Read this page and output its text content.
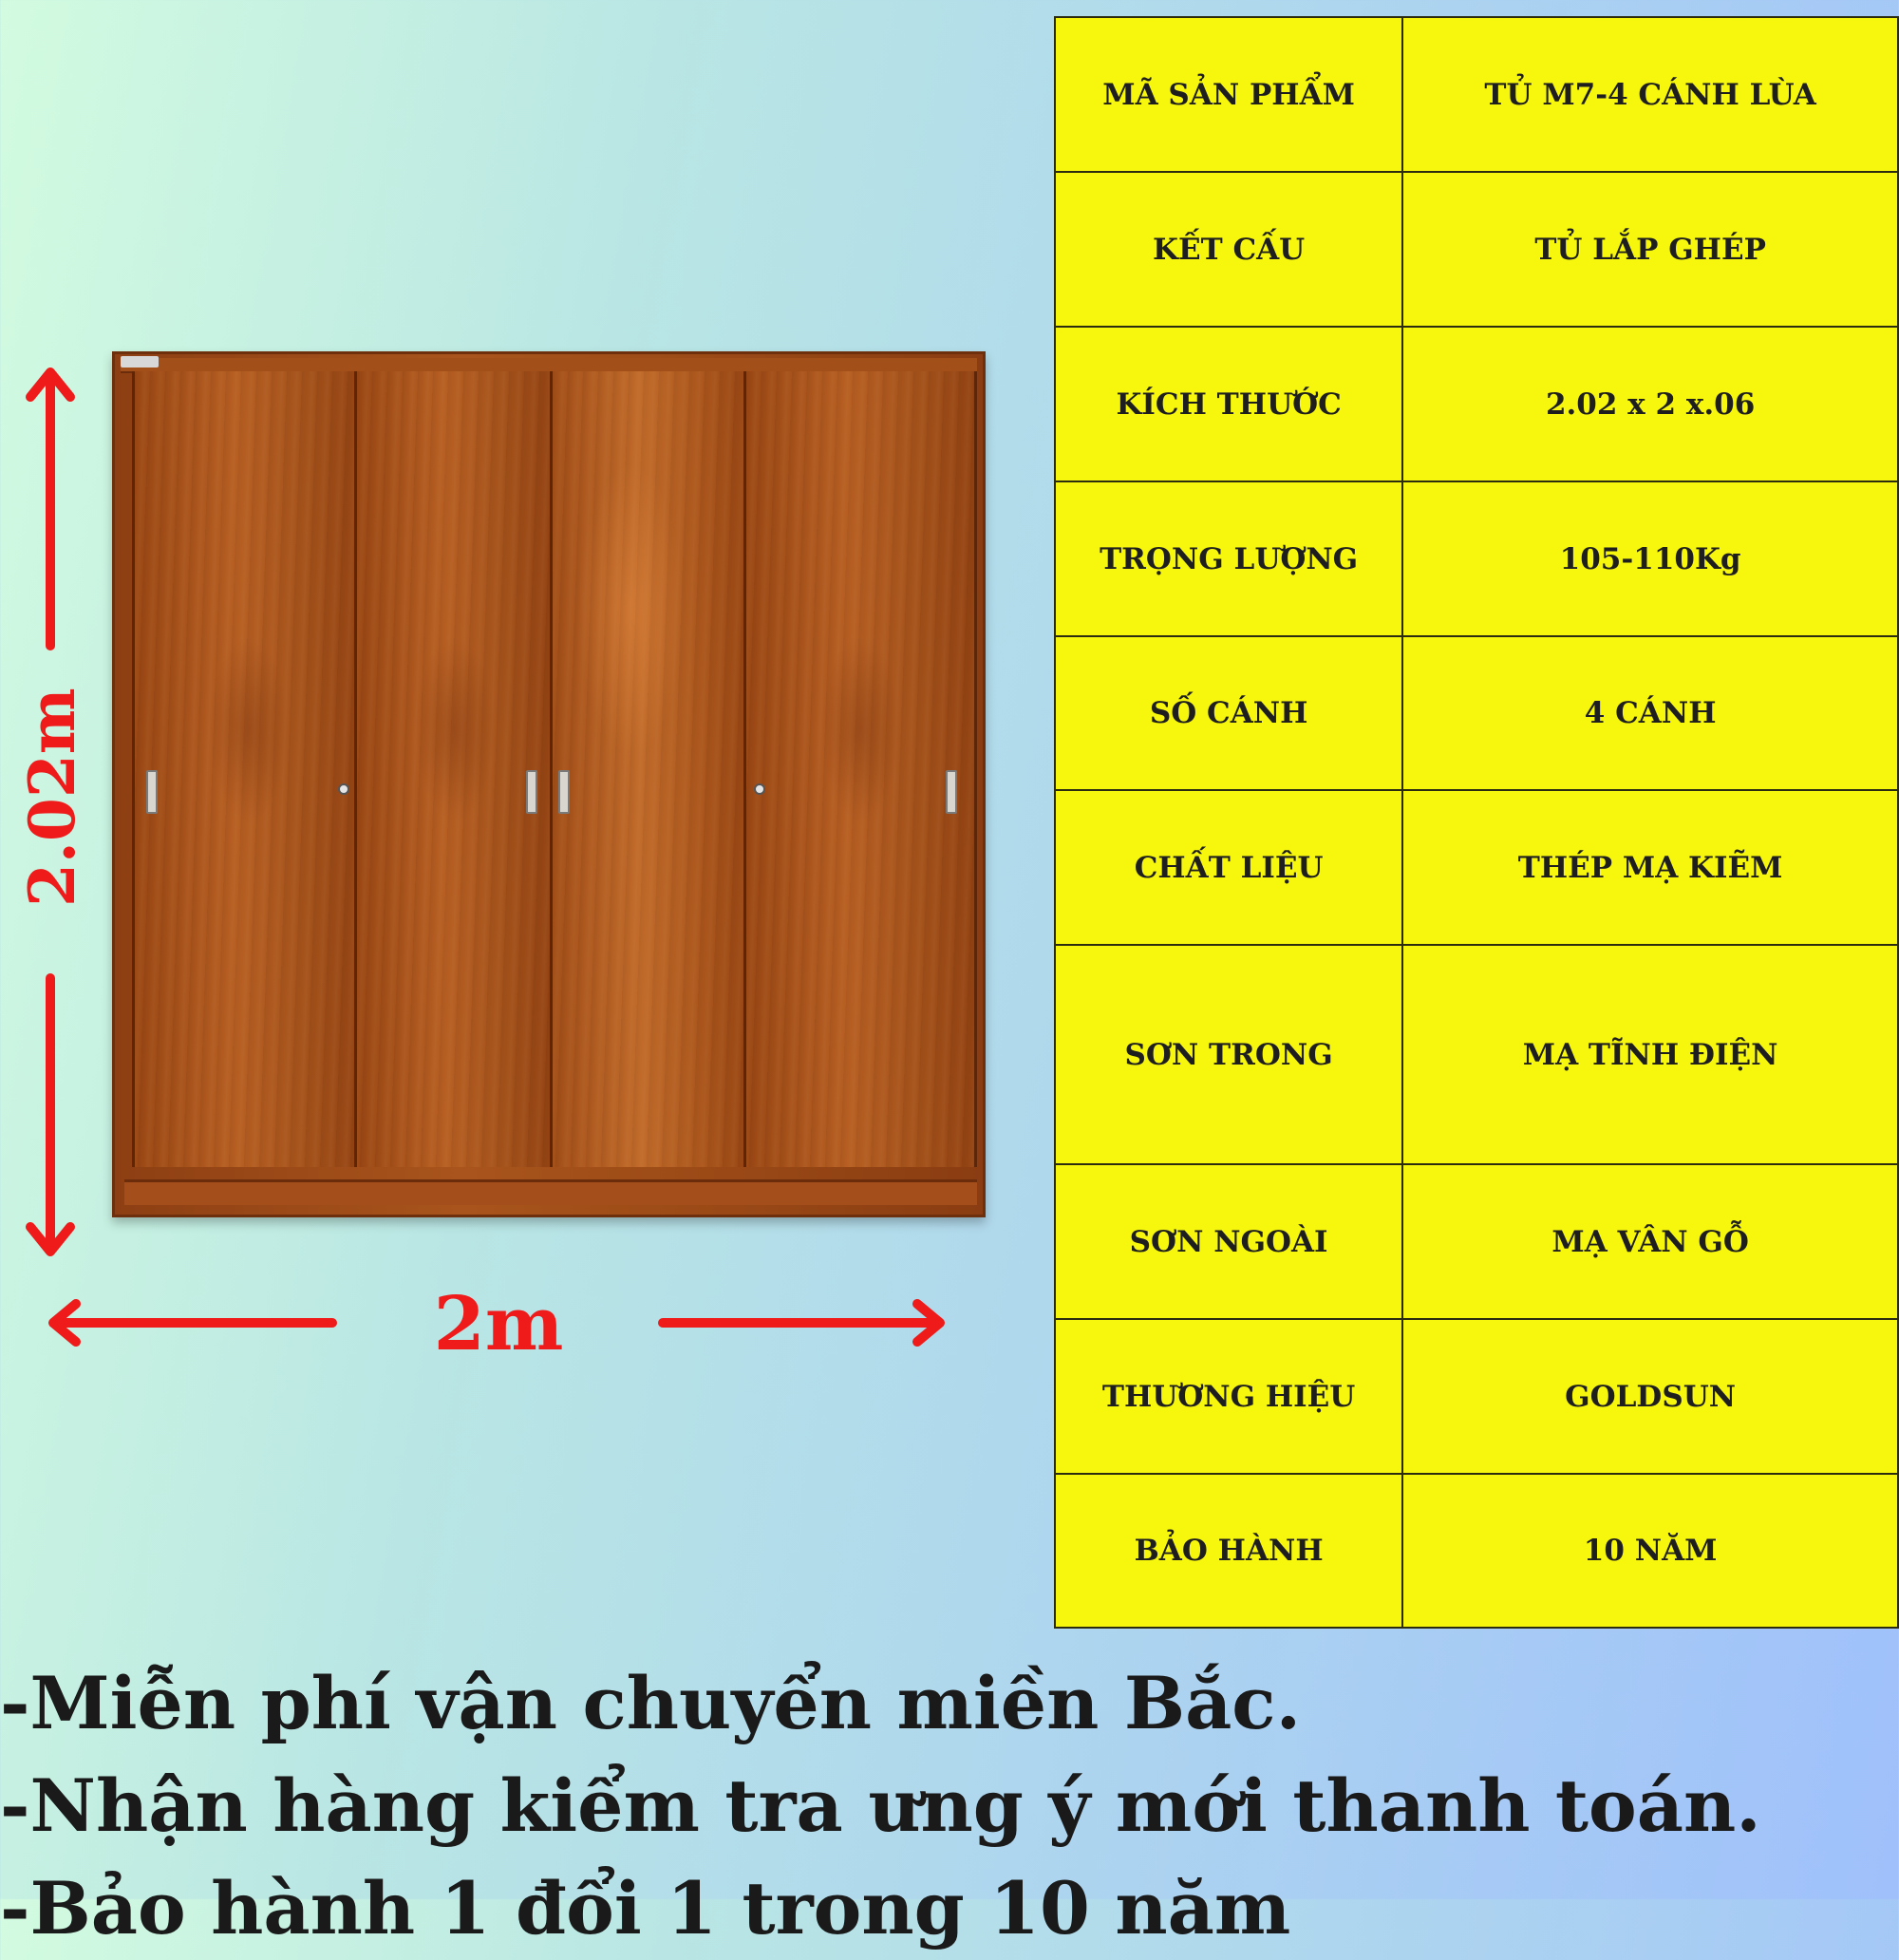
2.02m
2m
MÃ SẢN PHẨM	TỦ M7-4 CÁNH LÙA
KẾT CẤU	TỦ LẮP GHÉP
KÍCH THƯỚC	2.02 x 2 x.06
TRỌNG LƯỢNG	105-110Kg
SỐ CÁNH	4 CÁNH
CHẤT LIỆU	THÉP MẠ KIẼM
SƠN TRONG	MẠ TĨNH ĐIỆN
SƠN NGOÀI	MẠ VÂN GỖ
THƯƠNG HIỆU	GOLDSUN
BẢO HÀNH	10 NĂM
-Miễn phí vận chuyển miền Bắc.
-Nhận hàng kiểm tra ưng ý mới thanh toán.
-Bảo hành 1 đổi 1 trong 10 năm
